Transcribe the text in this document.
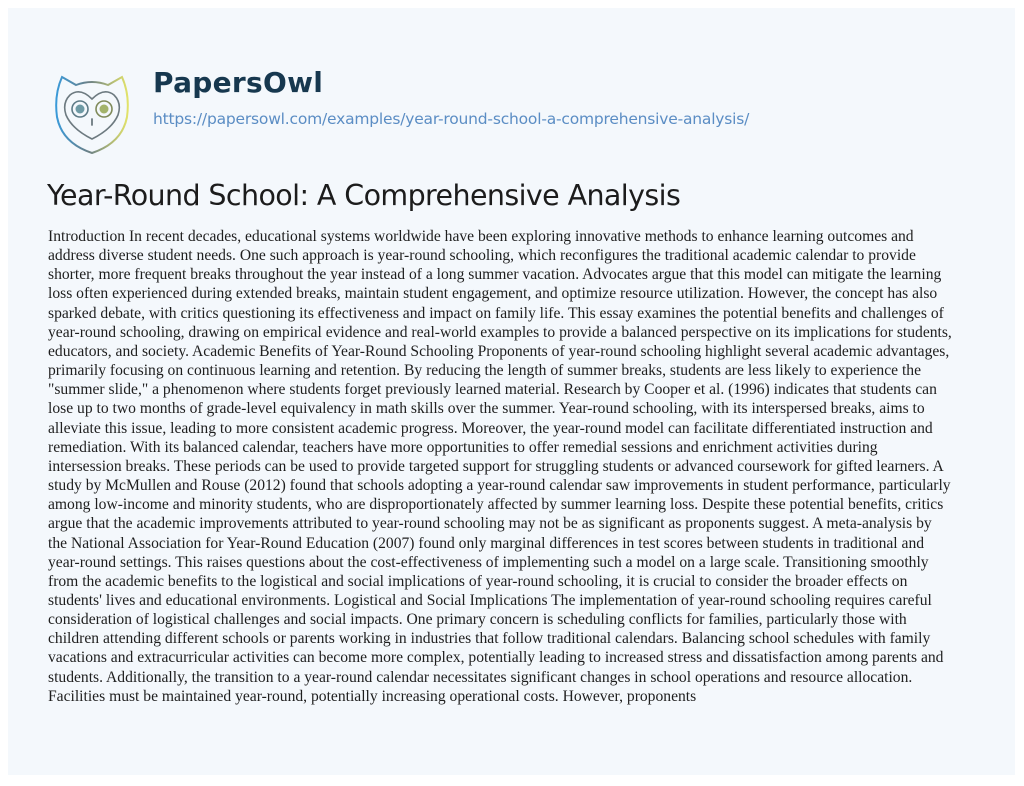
PapersOwl
https://papersowl.com/examples/year-round-school-a-comprehensive-analysis/
Year-Round School: A Comprehensive Analysis

Introduction In recent decades, educational systems worldwide have been exploring innovative methods to enhance learning outcomes and
address diverse student needs. One such approach is year-round schooling, which reconfigures the traditional academic calendar to provide
shorter, more frequent breaks throughout the year instead of a long summer vacation. Advocates argue that this model can mitigate the learning
loss often experienced during extended breaks, maintain student engagement, and optimize resource utilization. However, the concept has also
sparked debate, with critics questioning its effectiveness and impact on family life. This essay examines the potential benefits and challenges of
year-round schooling, drawing on empirical evidence and real-world examples to provide a balanced perspective on its implications for students,
educators, and society. Academic Benefits of Year-Round Schooling Proponents of year-round schooling highlight several academic advantages,
primarily focusing on continuous learning and retention. By reducing the length of summer breaks, students are less likely to experience the
"summer slide," a phenomenon where students forget previously learned material. Research by Cooper et al. (1996) indicates that students can
lose up to two months of grade-level equivalency in math skills over the summer. Year-round schooling, with its interspersed breaks, aims to
alleviate this issue, leading to more consistent academic progress. Moreover, the year-round model can facilitate differentiated instruction and
remediation. With its balanced calendar, teachers have more opportunities to offer remedial sessions and enrichment activities during
intersession breaks. These periods can be used to provide targeted support for struggling students or advanced coursework for gifted learners. A
study by McMullen and Rouse (2012) found that schools adopting a year-round calendar saw improvements in student performance, particularly
among low-income and minority students, who are disproportionately affected by summer learning loss. Despite these potential benefits, critics
argue that the academic improvements attributed to year-round schooling may not be as significant as proponents suggest. A meta-analysis by
the National Association for Year-Round Education (2007) found only marginal differences in test scores between students in traditional and
year-round settings. This raises questions about the cost-effectiveness of implementing such a model on a large scale. Transitioning smoothly
from the academic benefits to the logistical and social implications of year-round schooling, it is crucial to consider the broader effects on
students' lives and educational environments. Logistical and Social Implications The implementation of year-round schooling requires careful
consideration of logistical challenges and social impacts. One primary concern is scheduling conflicts for families, particularly those with
children attending different schools or parents working in industries that follow traditional calendars. Balancing school schedules with family
vacations and extracurricular activities can become more complex, potentially leading to increased stress and dissatisfaction among parents and
students. Additionally, the transition to a year-round calendar necessitates significant changes in school operations and resource allocation.
Facilities must be maintained year-round, potentially increasing operational costs. However, proponents
